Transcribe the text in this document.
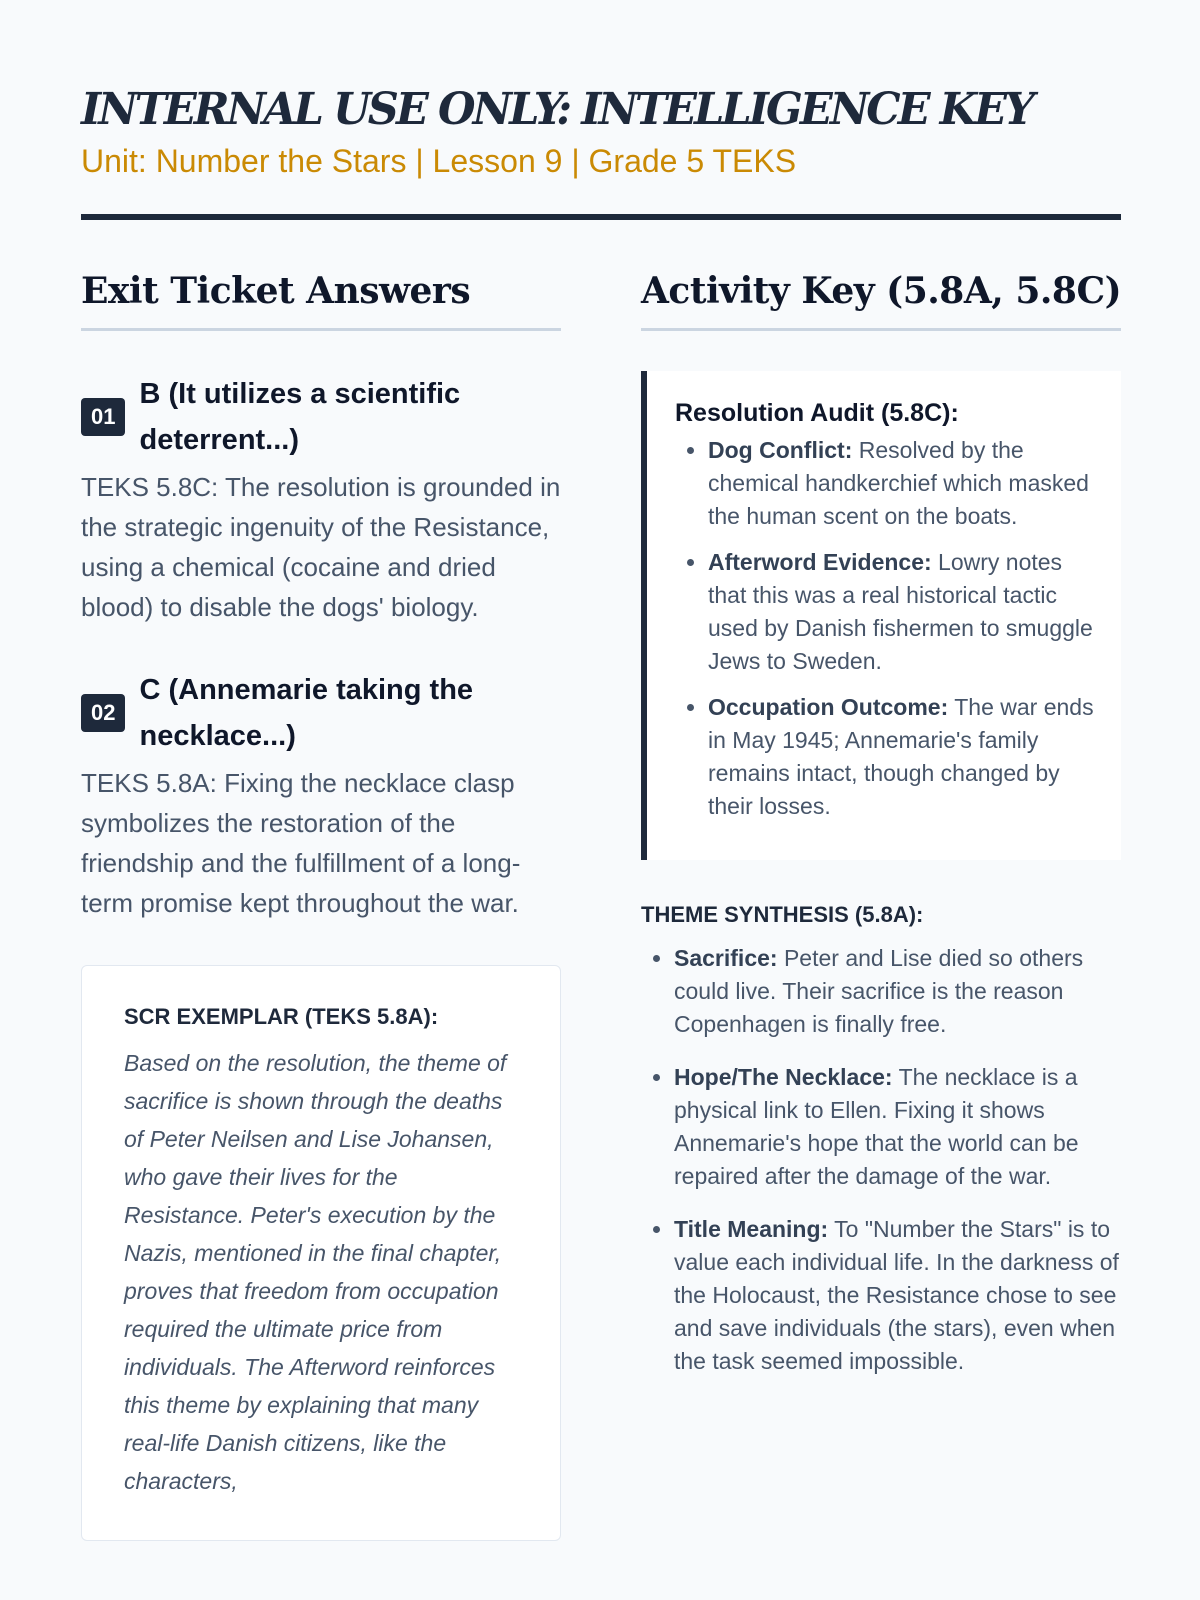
INTERNAL USE ONLY: INTELLIGENCE KEY
Unit: Number the Stars | Lesson 9 | Grade 5 TEKS
Exit Ticket Answers
01
B (It utilizes a scientific deterrent...)
TEKS 5.8C: The resolution is grounded in the strategic ingenuity of the Resistance, using a chemical (cocaine and dried blood) to disable the dogs' biology.
02
C (Annemarie taking the necklace...)
TEKS 5.8A: Fixing the necklace clasp symbolizes the restoration of the friendship and the fulfillment of a long-term promise kept throughout the war.
SCR EXEMPLAR (TEKS 5.8A):
Based on the resolution, the theme of sacrifice is shown through the deaths of Peter Neilsen and Lise Johansen, who gave their lives for the Resistance. Peter's execution by the Nazis, mentioned in the final chapter, proves that freedom from occupation required the ultimate price from individuals. The Afterword reinforces this theme by explaining that many real-life Danish citizens, like the characters,
Activity Key (5.8A, 5.8C)
Resolution Audit (5.8C):
• Dog Conflict: Resolved by the chemical handkerchief which masked the human scent on the boats.
• Afterword Evidence: Lowry notes that this was a real historical tactic used by Danish fishermen to smuggle Jews to Sweden.
• Occupation Outcome: The war ends in May 1945; Annemarie's family remains intact, though changed by their losses.
THEME SYNTHESIS (5.8A):
• Sacrifice: Peter and Lise died so others could live. Their sacrifice is the reason Copenhagen is finally free.
• Hope/The Necklace: The necklace is a physical link to Ellen. Fixing it shows Annemarie's hope that the world can be repaired after the damage of the war.
• Title Meaning: To "Number the Stars" is to value each individual life. In the darkness of the Holocaust, the Resistance chose to see and save individuals (the stars), even when the task seemed impossible.
